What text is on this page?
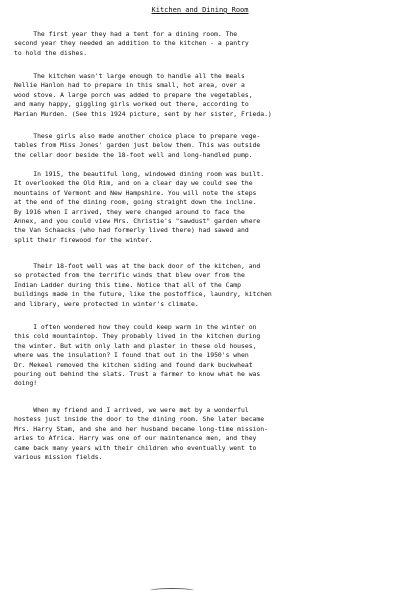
Kitchen and Dining Room
The first year they had a tent for a dining room. The
second year they needed an addition to the kitchen - a pantry
to hold the dishes.
The kitchen wasn't large enough to handle all the meals
Nellie Hanlon had to prepare in this small, hot area, over a
wood stove. A large porch was added to prepare the vegetables,
and many happy, giggling girls worked out there, according to
Marian Murden. (See this 1924 picture, sent by her sister, Frieda.)
These girls also made another choice place to prepare vege-
tables from Miss Jones' garden just below them. This was outside
the cellar door beside the 18-foot well and long-handled pump.
In 1915, the beautiful long, windowed dining room was built.
It overlooked the Old Rim, and on a clear day we could see the
mountains of Vermont and New Hampshire. You will note the steps
at the end of the dining room, going straight down the incline.
By 1916 when I arrived, they were changed around to face the
Annex, and you could view Mrs. Christie's "sawdust" garden where
the Van Schaacks (who had formerly lived there) had sawed and
split their firewood for the winter.
Their 18-foot well was at the back door of the kitchen, and
so protected from the terrific winds that blew over from the
Indian Ladder during this time. Notice that all of the Camp
buildings made in the future, like the postoffice, laundry, kitchen
and library, were protected in winter's climate.
I often wondered how they could keep warm in the winter on
this cold mountaintop. They probably lived in the kitchen during
the winter. But with only lath and plaster in these old houses,
where was the insulation? I found that out in the 1950's when
Dr. Mekeel removed the kitchen siding and found dark buckwheat
pouring out behind the slats. Trust a farmer to know what he was
doing!
When my friend and I arrived, we were met by a wonderful
hostess just inside the door to the dining room. She later became
Mrs. Harry Stam, and she and her husband became long-time mission-
aries to Africa. Harry was one of our maintenance men, and they
came back many years with their children who eventually went to
various mission fields.
